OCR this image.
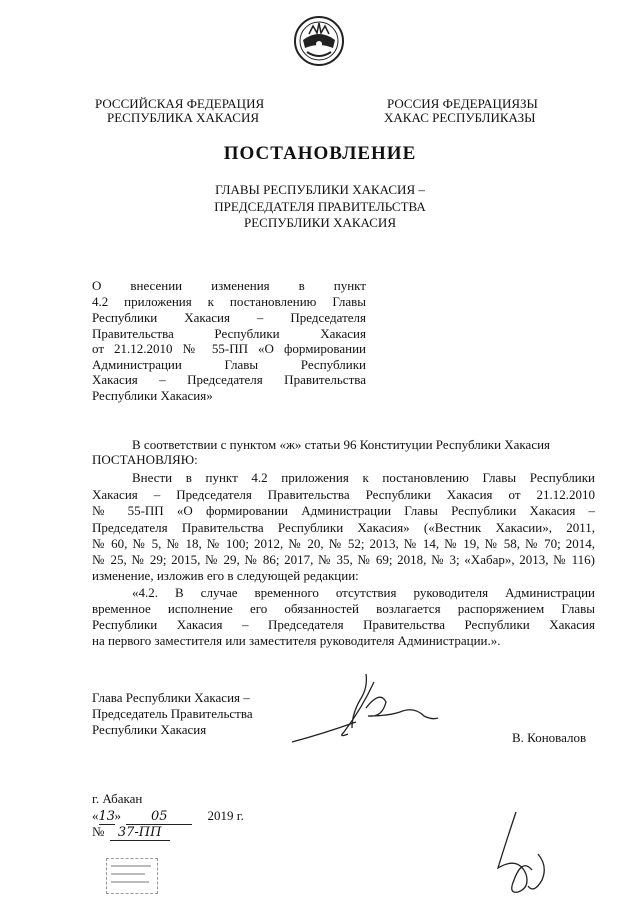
РОССИЙСКАЯ ФЕДЕРАЦИЯ
РЕСПУБЛИКА ХАКАСИЯ
РОССИЯ ФЕДЕРАЦИЯЗЫ
ХАКАС РЕСПУБЛИКАЗЫ
ПОСТАНОВЛЕНИЕ
ГЛАВЫ РЕСПУБЛИКИ ХАКАСИЯ –
ПРЕДСЕДАТЕЛЯ ПРАВИТЕЛЬСТВА
РЕСПУБЛИКИ ХАКАСИЯ
О внесении изменения в пункт
4.2 приложения к постановлению Главы
Республики Хакасия – Председателя
Правительства Республики Хакасия
от 21.12.2010 № 55-ПП «О формировании
Администрации Главы Республики
Хакасия – Председателя Правительства
Республики Хакасия»
В соответствии с пунктом «ж» статьи 96 Конституции Республики Хакасия
ПОСТАНОВЛЯЮ:
Внести в пункт 4.2 приложения к постановлению Главы Республики
Хакасия – Председателя Правительства Республики Хакасия от 21.12.2010
№ 55-ПП «О формировании Администрации Главы Республики Хакасия –
Председателя Правительства Республики Хакасия» («Вестник Хакасии», 2011,
№ 60, № 5, № 18, № 100; 2012, № 20, № 52; 2013, № 14, № 19, № 58, № 70; 2014,
№ 25, № 29; 2015, № 29, № 86; 2017, № 35, № 69; 2018, № 3; «Хабар», 2013, № 116)
изменение, изложив его в следующей редакции:
«4.2. В случае временного отсутствия руководителя Администрации
временное исполнение его обязанностей возлагается распоряжением Главы
Республики Хакасия – Председателя Правительства Республики Хакасия
на первого заместителя или заместителя руководителя Администрации.».
Глава Республики Хакасия –
Председатель Правительства
Республики Хакасия
В. Коновалов
г. Абакан
«13» 05	2019 г.
№ 37-ПП
